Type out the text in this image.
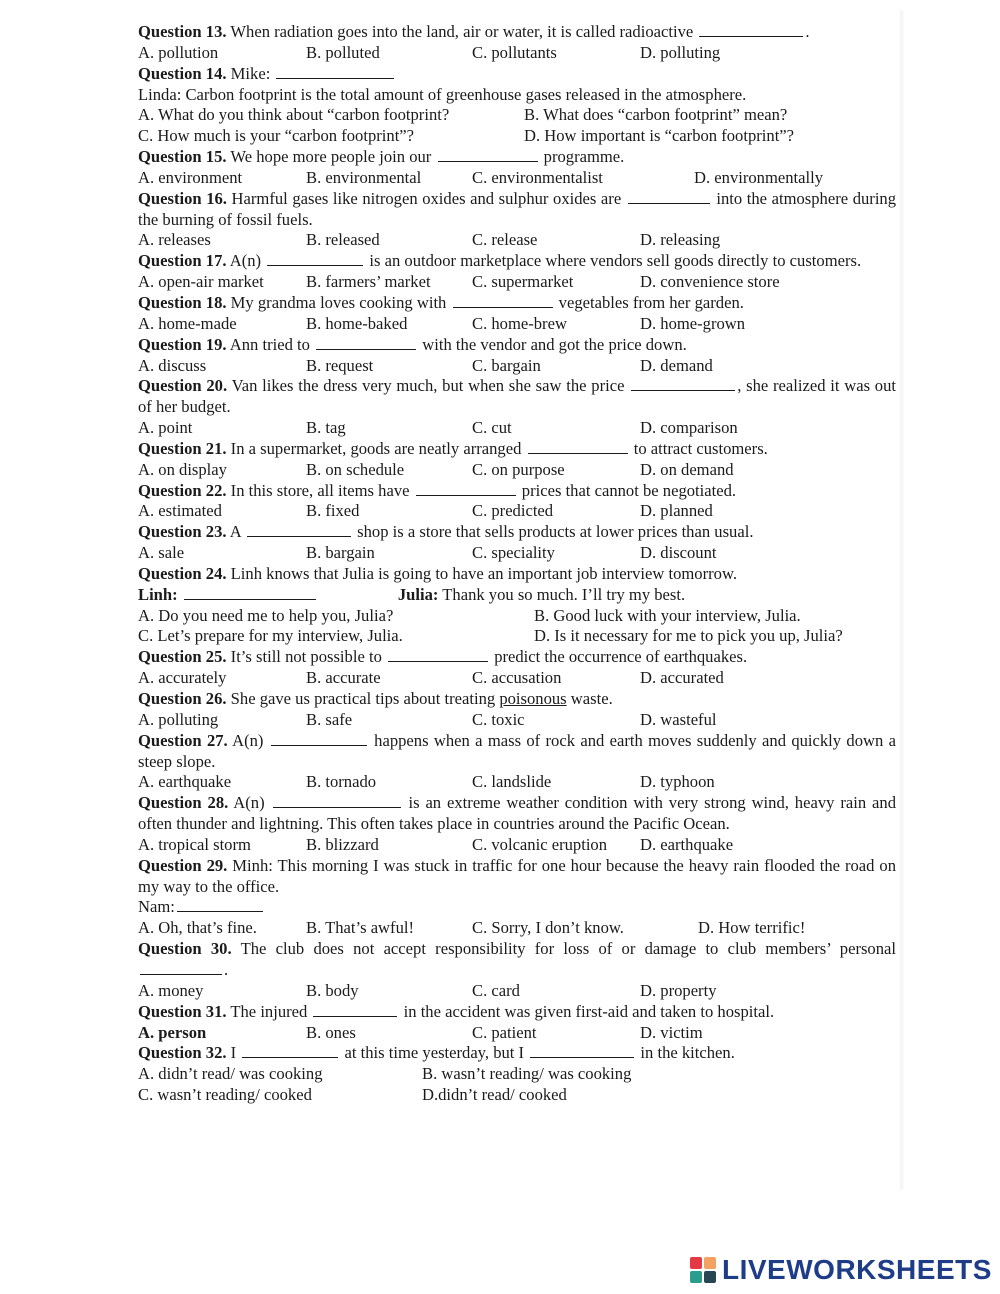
Question 13. When radiation goes into the land, air or water, it is called radioactive	.
A. pollution	B. polluted	C. pollutants	D. polluting
Question 14. Mike:
Linda: Carbon footprint is the total amount of greenhouse gases released in the atmosphere.
A. What do you think about “carbon footprint?	B. What does “carbon footprint” mean?
C. How much is your “carbon footprint”?	D. How important is “carbon footprint”?
Question 15. We hope more people join our	programme.
A. environment	B. environmental	C. environmentalist	D. environmentally
Question 16. Harmful gases like nitrogen oxides and sulphur oxides are	into the atmosphere during the burning of fossil fuels.
A. releases	B. released	C. release	D. releasing
Question 17. A(n)	is an outdoor marketplace where vendors sell goods directly to customers.
A. open-air market	B. farmers’ market	C. supermarket	D. convenience store
Question 18. My grandma loves cooking with	vegetables from her garden.
A. home-made	B. home-baked	C. home-brew	D. home-grown
Question 19. Ann tried to	with the vendor and got the price down.
A. discuss	B. request	C. bargain	D. demand
Question 20. Van likes the dress very much, but when she saw the price	, she realized it was out of her budget.
A. point	B. tag	C. cut	D. comparison
Question 21. In a supermarket, goods are neatly arranged	to attract customers.
A. on display	B. on schedule	C. on purpose	D. on demand
Question 22. In this store, all items have	prices that cannot be negotiated.
A. estimated	B. fixed	C. predicted	D. planned
Question 23. A	shop is a store that sells products at lower prices than usual.
A. sale	B. bargain	C. speciality	D. discount
Question 24. Linh knows that Julia is going to have an important job interview tomorrow.
Linh:	Julia: Thank you so much. I’ll try my best.
A. Do you need me to help you, Julia?	B. Good luck with your interview, Julia.
C. Let’s prepare for my interview, Julia.	D. Is it necessary for me to pick you up, Julia?
Question 25. It’s still not possible to	predict the occurrence of earthquakes.
A. accurately	B. accurate	C. accusation	D. accurated
Question 26. She gave us practical tips about treating poisonous waste.
A. polluting	B. safe	C. toxic	D. wasteful
Question 27. A(n)	happens when a mass of rock and earth moves suddenly and quickly down a steep slope.
A. earthquake	B. tornado	C. landslide	D. typhoon
Question 28. A(n)	is an extreme weather condition with very strong wind, heavy rain and often thunder and lightning. This often takes place in countries around the Pacific Ocean.
A. tropical storm	B. blizzard	C. volcanic eruption	D. earthquake
Question 29. Minh: This morning I was stuck in traffic for one hour because the heavy rain flooded the road on my way to the office.
Nam:
A. Oh, that’s fine.	B. That’s awful!	C. Sorry, I don’t know.	D. How terrific!
Question 30. The club does not accept responsibility for loss of or damage to club members’ personal .
A. money	B. body	C. card	D. property
Question 31. The injured	in the accident was given first-aid and taken to hospital.
A. person	B. ones	C. patient	D. victim
Question 32. I	at this time yesterday, but I	in the kitchen.
A. didn’t read/ was cooking	B. wasn’t reading/ was cooking
C. wasn’t reading/ cooked	D.didn’t read/ cooked
LIVEWORKSHEETS
